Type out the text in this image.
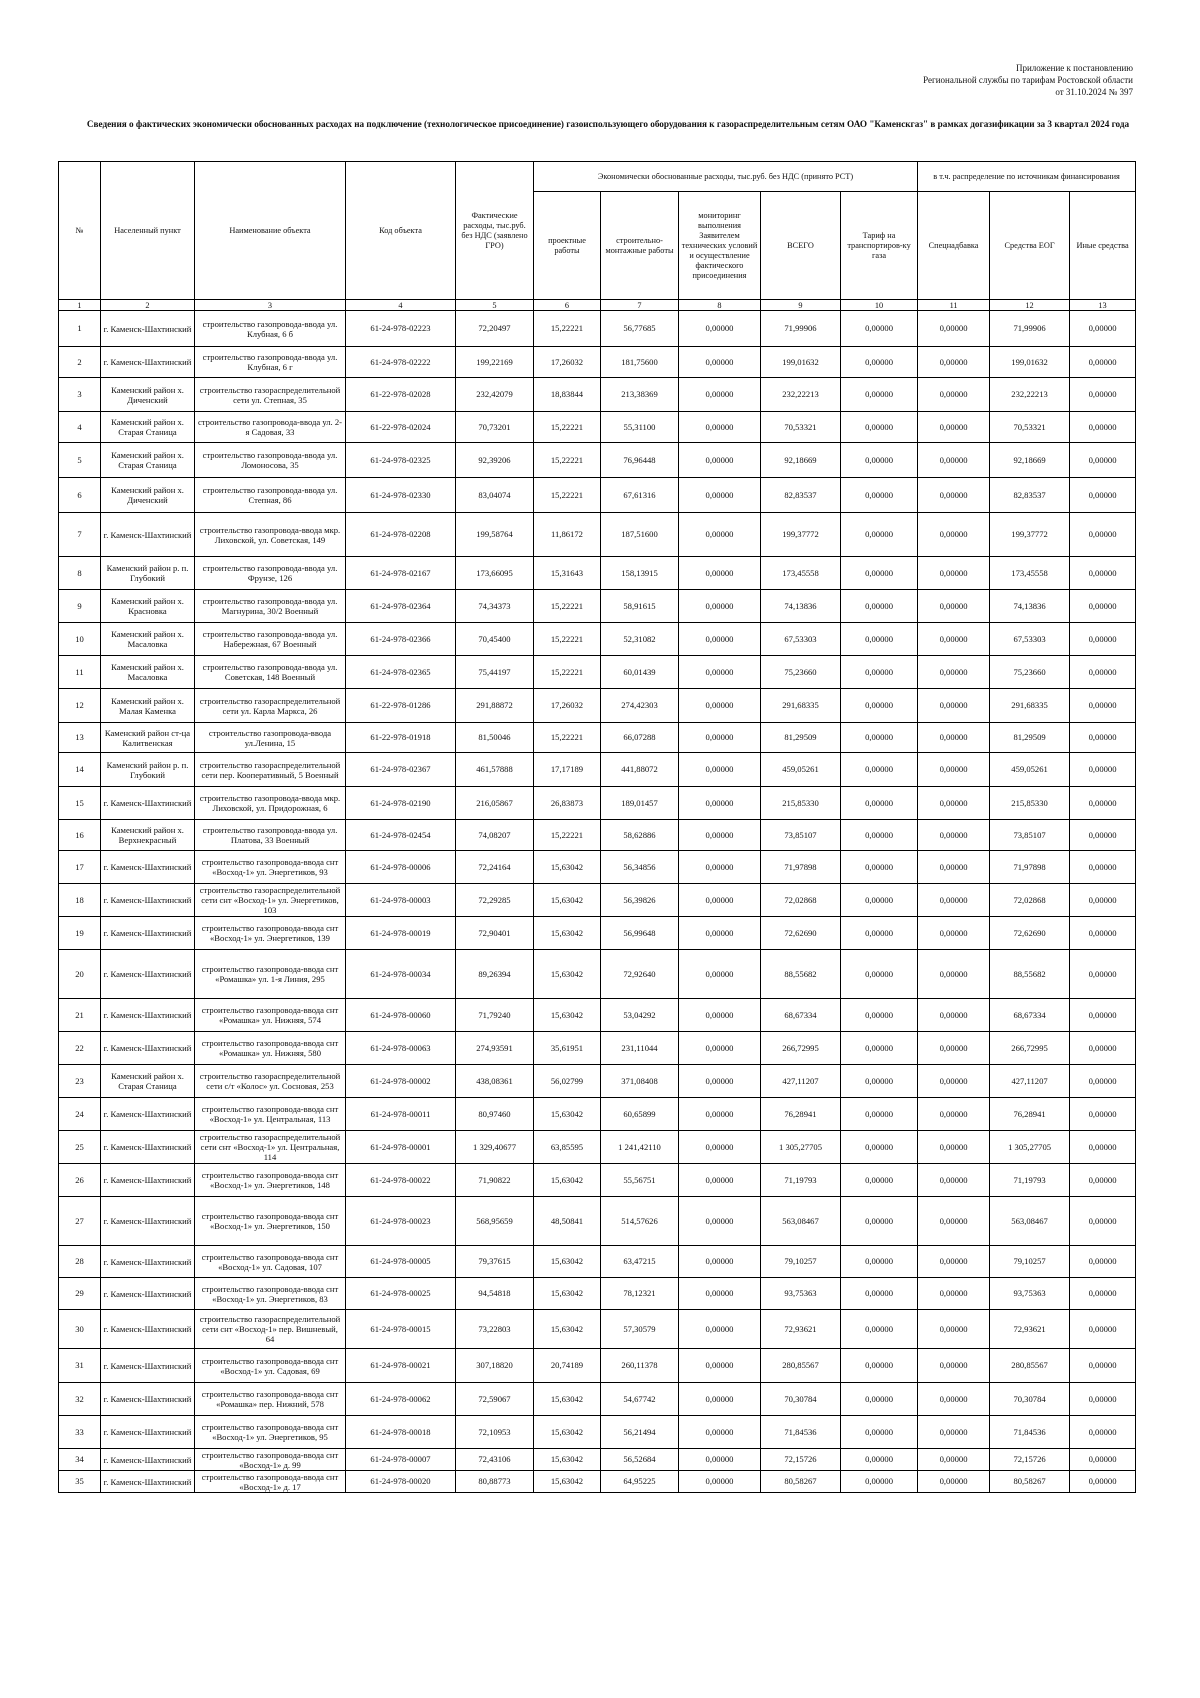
Приложение к постановлению
Региональной службы по тарифам Ростовской области
от 31.10.2024 № 397
Сведения о фактических экономически обоснованных расходах на подключение (технологическое присоединение) газоиспользующего оборудования к газораспределительным сетям ОАО "Каменскгаз" в рамках догазификации за 3 квартал 2024 года
№	Населенный пункт	Наименование объекта	Код объекта	Фактические расходы, тыс.руб. без НДС (заявлено ГРО)	Экономически обоснованные расходы, тыс.руб. без НДС (принято РСТ)					в т.ч. распределение по источникам финансирования		
					проектные работы	строительно-монтажные работы	мониторинг выполнения Заявителем технических условий и осуществление фактического присоединения	ВСЕГО	Тариф на транспортиров-ку газа	Спецнадбавка	Средства ЕОГ	Иные средства
1	2	3	4	5	6	7	8	9	10	11	12	13
1	г. Каменск-Шахтинский	строительство газопровода-ввода ул. Клубная, 6 б	61-24-978-02223	72,20497	15,22221	56,77685	0,00000	71,99906	0,00000	0,00000	71,99906	0,00000
2	г. Каменск-Шахтинский	строительство газопровода-ввода ул. Клубная, 6 г	61-24-978-02222	199,22169	17,26032	181,75600	0,00000	199,01632	0,00000	0,00000	199,01632	0,00000
3	Каменский район х. Диченский	строительство газораспределительной сети ул. Степная, 35	61-22-978-02028	232,42079	18,83844	213,38369	0,00000	232,22213	0,00000	0,00000	232,22213	0,00000
4	Каменский район х. Старая Станица	строительство газопровода-ввода ул. 2-я Садовая, 33	61-22-978-02024	70,73201	15,22221	55,31100	0,00000	70,53321	0,00000	0,00000	70,53321	0,00000
5	Каменский район х. Старая Станица	строительство газопровода-ввода ул. Ломоносова, 35	61-24-978-02325	92,39206	15,22221	76,96448	0,00000	92,18669	0,00000	0,00000	92,18669	0,00000
6	Каменский район х. Диченский	строительство газопровода-ввода ул. Степная, 86	61-24-978-02330	83,04074	15,22221	67,61316	0,00000	82,83537	0,00000	0,00000	82,83537	0,00000
7	г. Каменск-Шахтинский	строительство газопровода-ввода мкр. Лиховской, ул. Советская, 149	61-24-978-02208	199,58764	11,86172	187,51600	0,00000	199,37772	0,00000	0,00000	199,37772	0,00000
8	Каменский район р. п. Глубокий	строительство газопровода-ввода ул. Фрунзе, 126	61-24-978-02167	173,66095	15,31643	158,13915	0,00000	173,45558	0,00000	0,00000	173,45558	0,00000
9	Каменский район х. Красновка	строительство газопровода-ввода ул. Магнурина, 30/2 Военный	61-24-978-02364	74,34373	15,22221	58,91615	0,00000	74,13836	0,00000	0,00000	74,13836	0,00000
10	Каменский район х. Масаловка	строительство газопровода-ввода ул. Набережная, 67 Военный	61-24-978-02366	70,45400	15,22221	52,31082	0,00000	67,53303	0,00000	0,00000	67,53303	0,00000
11	Каменский район х. Масаловка	строительство газопровода-ввода ул. Советская, 148 Военный	61-24-978-02365	75,44197	15,22221	60,01439	0,00000	75,23660	0,00000	0,00000	75,23660	0,00000
12	Каменский район х. Малая Каменка	строительство газораспределительной сети ул. Карла Маркса, 26	61-22-978-01286	291,88872	17,26032	274,42303	0,00000	291,68335	0,00000	0,00000	291,68335	0,00000
13	Каменский район ст-ца Калитвенская	строительство газопровода-ввода ул.Ленина, 15	61-22-978-01918	81,50046	15,22221	66,07288	0,00000	81,29509	0,00000	0,00000	81,29509	0,00000
14	Каменский район р. п. Глубокий	строительство газораспределительной сети пер. Кооперативный, 5 Военный	61-24-978-02367	461,57888	17,17189	441,88072	0,00000	459,05261	0,00000	0,00000	459,05261	0,00000
15	г. Каменск-Шахтинский	строительство газопровода-ввода мкр. Лиховской, ул. Придорожная, 6	61-24-978-02190	216,05867	26,83873	189,01457	0,00000	215,85330	0,00000	0,00000	215,85330	0,00000
16	Каменский район х. Верхнекрасный	строительство газопровода-ввода ул. Платова, 33 Военный	61-24-978-02454	74,08207	15,22221	58,62886	0,00000	73,85107	0,00000	0,00000	73,85107	0,00000
17	г. Каменск-Шахтинский	строительство газопровода-ввода снт «Восход-1» ул. Энергетиков, 93	61-24-978-00006	72,24164	15,63042	56,34856	0,00000	71,97898	0,00000	0,00000	71,97898	0,00000
18	г. Каменск-Шахтинский	строительство газораспределительной сети снт «Восход-1» ул. Энергетиков, 103	61-24-978-00003	72,29285	15,63042	56,39826	0,00000	72,02868	0,00000	0,00000	72,02868	0,00000
19	г. Каменск-Шахтинский	строительство газопровода-ввода снт «Восход-1» ул. Энергетиков, 139	61-24-978-00019	72,90401	15,63042	56,99648	0,00000	72,62690	0,00000	0,00000	72,62690	0,00000
20	г. Каменск-Шахтинский	строительство газопровода-ввода снт «Ромашка» ул. 1-я Линия, 295	61-24-978-00034	89,26394	15,63042	72,92640	0,00000	88,55682	0,00000	0,00000	88,55682	0,00000
21	г. Каменск-Шахтинский	строительство газопровода-ввода снт «Ромашка» ул. Нижняя, 574	61-24-978-00060	71,79240	15,63042	53,04292	0,00000	68,67334	0,00000	0,00000	68,67334	0,00000
22	г. Каменск-Шахтинский	строительство газопровода-ввода снт «Ромашка» ул. Нижняя, 580	61-24-978-00063	274,93591	35,61951	231,11044	0,00000	266,72995	0,00000	0,00000	266,72995	0,00000
23	Каменский район х. Старая Станица	строительство газораспределительной сети с/т «Колос» ул. Сосновая, 253	61-24-978-00002	438,08361	56,02799	371,08408	0,00000	427,11207	0,00000	0,00000	427,11207	0,00000
24	г. Каменск-Шахтинский	строительство газопровода-ввода снт «Восход-1» ул. Центральная, 113	61-24-978-00011	80,97460	15,63042	60,65899	0,00000	76,28941	0,00000	0,00000	76,28941	0,00000
25	г. Каменск-Шахтинский	строительство газораспределительной сети снт «Восход-1» ул. Центральная, 114	61-24-978-00001	1 329,40677	63,85595	1 241,42110	0,00000	1 305,27705	0,00000	0,00000	1 305,27705	0,00000
26	г. Каменск-Шахтинский	строительство газопровода-ввода снт «Восход-1» ул. Энергетиков, 148	61-24-978-00022	71,90822	15,63042	55,56751	0,00000	71,19793	0,00000	0,00000	71,19793	0,00000
27	г. Каменск-Шахтинский	строительство газопровода-ввода снт «Восход-1» ул. Энергетиков, 150	61-24-978-00023	568,95659	48,50841	514,57626	0,00000	563,08467	0,00000	0,00000	563,08467	0,00000
28	г. Каменск-Шахтинский	строительство газопровода-ввода снт «Восход-1» ул. Садовая, 107	61-24-978-00005	79,37615	15,63042	63,47215	0,00000	79,10257	0,00000	0,00000	79,10257	0,00000
29	г. Каменск-Шахтинский	строительство газопровода-ввода снт «Восход-1» ул. Энергетиков, 83	61-24-978-00025	94,54818	15,63042	78,12321	0,00000	93,75363	0,00000	0,00000	93,75363	0,00000
30	г. Каменск-Шахтинский	строительство газораспределительной сети снт «Восход-1» пер. Вишневый, 64	61-24-978-00015	73,22803	15,63042	57,30579	0,00000	72,93621	0,00000	0,00000	72,93621	0,00000
31	г. Каменск-Шахтинский	строительство газопровода-ввода снт «Восход-1» ул. Садовая, 69	61-24-978-00021	307,18820	20,74189	260,11378	0,00000	280,85567	0,00000	0,00000	280,85567	0,00000
32	г. Каменск-Шахтинский	строительство газопровода-ввода снт «Ромашка» пер. Нижний, 578	61-24-978-00062	72,59067	15,63042	54,67742	0,00000	70,30784	0,00000	0,00000	70,30784	0,00000
33	г. Каменск-Шахтинский	строительство газопровода-ввода снт «Восход-1» ул. Энергетиков, 95	61-24-978-00018	72,10953	15,63042	56,21494	0,00000	71,84536	0,00000	0,00000	71,84536	0,00000
34	г. Каменск-Шахтинский	строительство газопровода-ввода снт «Восход-1» д. 99	61-24-978-00007	72,43106	15,63042	56,52684	0,00000	72,15726	0,00000	0,00000	72,15726	0,00000
35	г. Каменск-Шахтинский	строительство газопровода-ввода снт «Восход-1» д. 17	61-24-978-00020	80,88773	15,63042	64,95225	0,00000	80,58267	0,00000	0,00000	80,58267	0,00000
